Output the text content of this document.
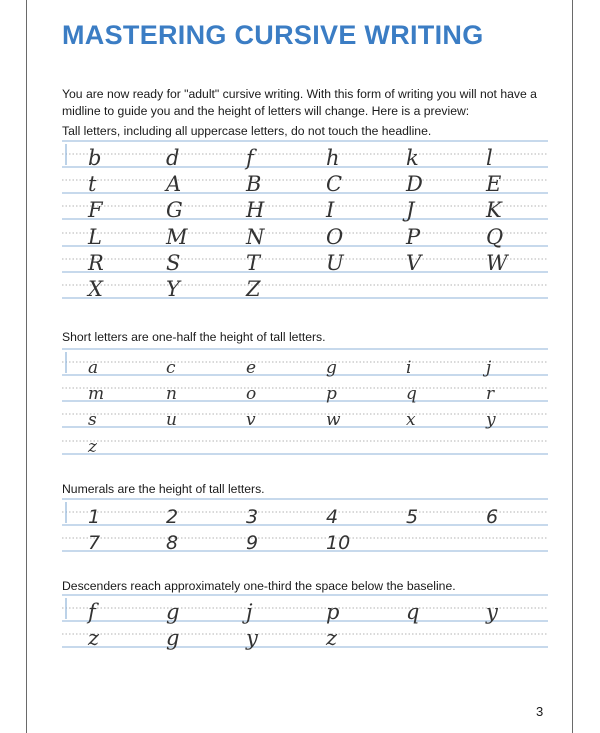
MASTERING CURSIVE WRITING

You are now ready for "adult" cursive writing. With this form of writing you will not have a midline to guide you and the height of letters will change. Here is a preview:

Tall letters, including all uppercase letters, do not touch the headline.

Short letters are one-half the height of tall letters.

Numerals are the height of tall letters.

Descenders reach approximately one-third the space below the baseline.

b	d	f	h	k	l
t	A	B	C	D	E
F	G	H	I	J	K
L	M	N	O	P	Q
R	S	T	U	V	W
X	Y	Z
a	c	e	g	i	j
m	n	o	p	q	r
s	u	v	w	x	y
z
1	2	3	4	5	6
7	8	9	10
f	g	j	p	q	y
z	g	y	z
3
